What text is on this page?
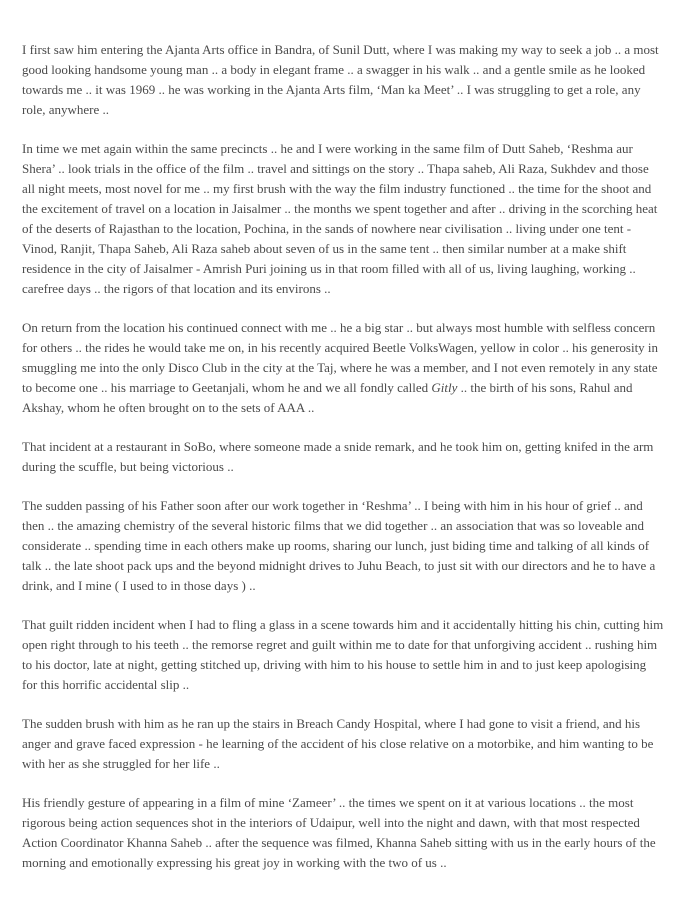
I first saw him entering the Ajanta Arts office in Bandra, of Sunil Dutt, where I was making my way to seek a job .. a most good looking handsome young man .. a body in elegant frame .. a swagger in his walk .. and a gentle smile as he looked towards me .. it was 1969 .. he was working in the Ajanta Arts film, ‘Man ka Meet’ .. I was struggling to get a role, any role, anywhere ..

In time we met again within the same precincts .. he and I were working in the same film of Dutt Saheb, ‘Reshma aur Shera’ .. look trials in the office of the film .. travel and sittings on the story .. Thapa saheb, Ali Raza, Sukhdev and those all night meets, most novel for me .. my first brush with the way the film industry functioned .. the time for the shoot and the excitement of travel on a location in Jaisalmer .. the months we spent together and after .. driving in the scorching heat of the deserts of Rajasthan to the location, Pochina, in the sands of nowhere near civilisation .. living under one tent - Vinod, Ranjit, Thapa Saheb, Ali Raza saheb about seven of us in the same tent .. then similar number at a make shift residence in the city of Jaisalmer - Amrish Puri joining us in that room filled with all of us, living laughing, working .. carefree days .. the rigors of that location and its environs ..

On return from the location his continued connect with me .. he a big star .. but always most humble with selfless concern for others .. the rides he would take me on, in his recently acquired Beetle VolksWagen, yellow in color .. his generosity in smuggling me into the only Disco Club in the city at the Taj, where he was a member, and I not even remotely in any state to become one .. his marriage to Geetanjali, whom he and we all fondly called Gitly .. the birth of his sons, Rahul and Akshay, whom he often brought on to the sets of AAA ..

That incident at a restaurant in SoBo, where someone made a snide remark, and he took him on, getting knifed in the arm during the scuffle, but being victorious ..

The sudden passing of his Father soon after our work together in ‘Reshma’ .. I being with him in his hour of grief .. and then .. the amazing chemistry of the several historic films that we did together .. an association that was so loveable and considerate .. spending time in each others make up rooms, sharing our lunch, just biding time and talking of all kinds of talk .. the late shoot pack ups and the beyond midnight drives to Juhu Beach, to just sit with our directors and he to have a drink, and I mine ( I used to in those days ) ..

That guilt ridden incident when I had to fling a glass in a scene towards him and it accidentally hitting his chin, cutting him open right through to his teeth .. the remorse regret and guilt within me to date for that unforgiving accident .. rushing him to his doctor, late at night, getting stitched up, driving with him to his house to settle him in and to just keep apologising for this horrific accidental slip ..

The sudden brush with him as he ran up the stairs in Breach Candy Hospital, where I had gone to visit a friend, and his anger and grave faced expression - he learning of the accident of his close relative on a motorbike, and him wanting to be with her as she struggled for her life ..

His friendly gesture of appearing in a film of mine ‘Zameer’ .. the times we spent on it at various locations .. the most rigorous being action sequences shot in the interiors of Udaipur, well into the night and dawn, with that most respected Action Coordinator Khanna Saheb .. after the sequence was filmed, Khanna Saheb sitting with us in the early hours of the morning and emotionally expressing his great joy in working with the two of us ..
